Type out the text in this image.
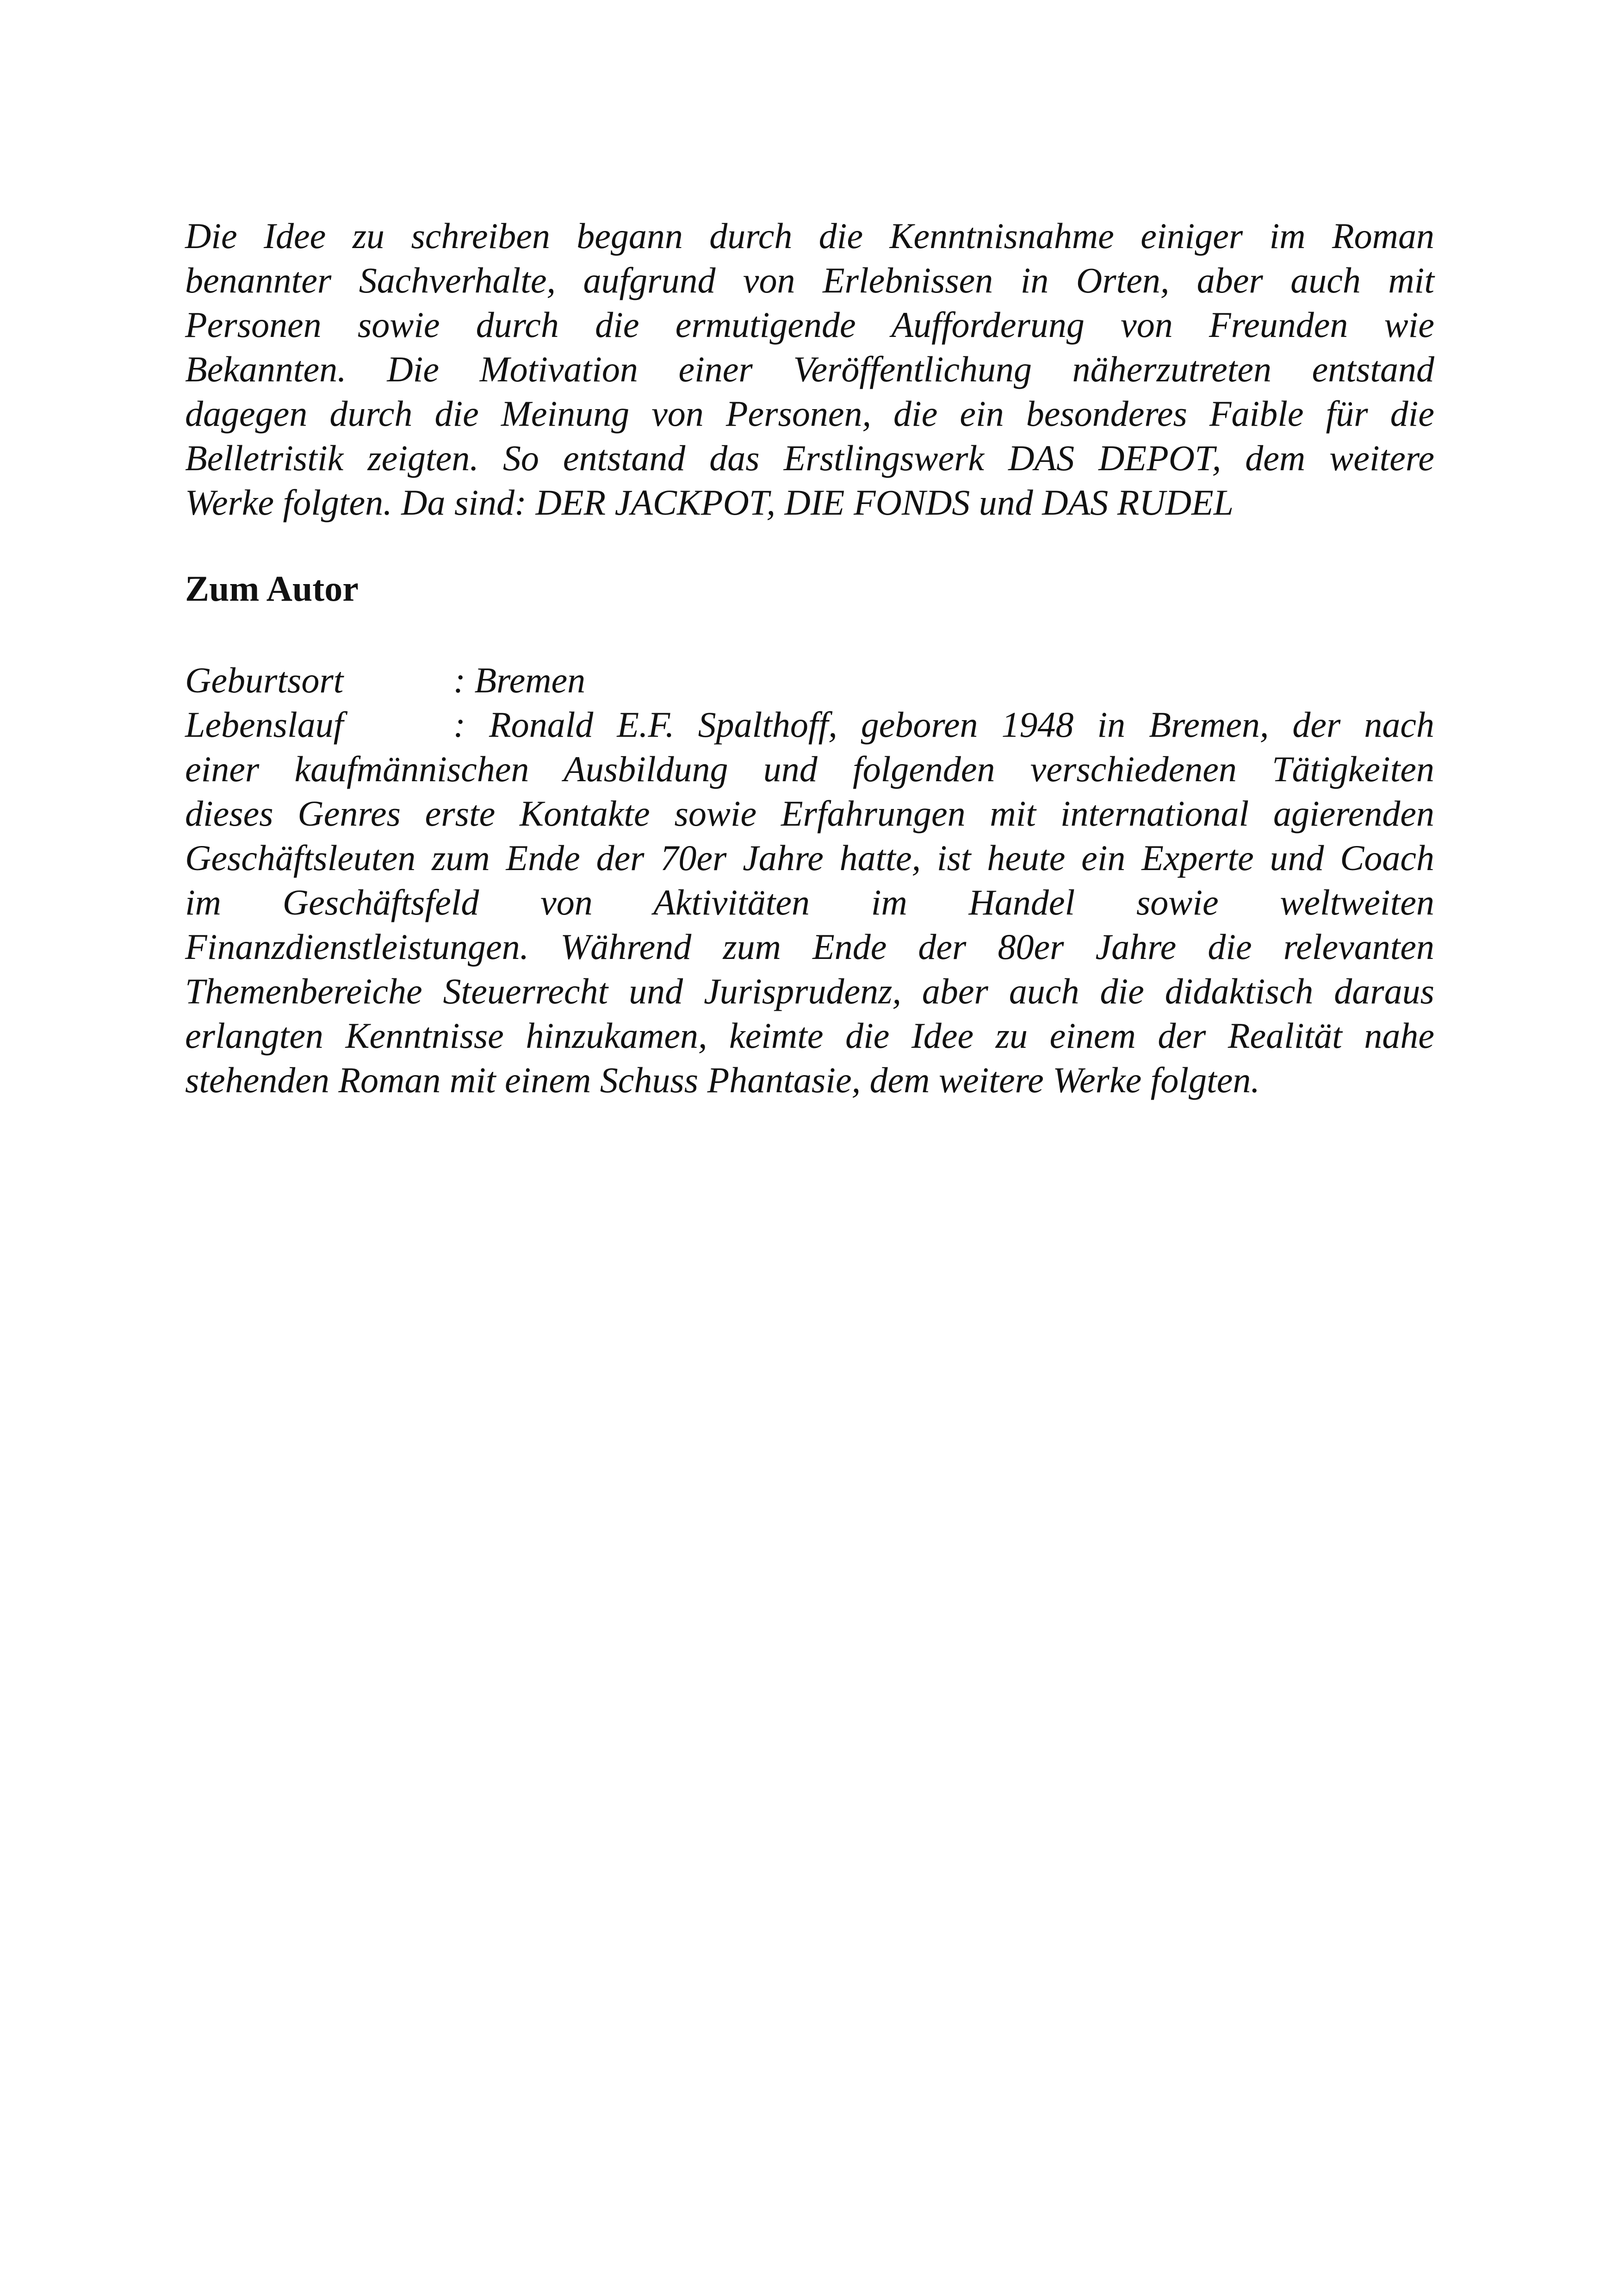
Die Idee zu schreiben begann durch die Kenntnisnahme einiger im Roman
benannter Sachverhalte, aufgrund von Erlebnissen in Orten, aber auch mit
Personen sowie durch die ermutigende Aufforderung von Freunden wie
Bekannten. Die Motivation einer Veröffentlichung näherzutreten entstand
dagegen durch die Meinung von Personen, die ein besonderes Faible für die
Belletristik zeigten. So entstand das Erstlingswerk DAS DEPOT, dem weitere
Werke folgten. Da sind: DER JACKPOT, DIE FONDS und DAS RUDEL
Zum Autor
Geburtsort	: Bremen
Lebenslauf	: Ronald E.F. Spalthoff, geboren 1948 in Bremen, der nach
einer kaufmännischen Ausbildung und folgenden verschiedenen Tätigkeiten
dieses Genres erste Kontakte sowie Erfahrungen mit international agierenden
Geschäftsleuten zum Ende der 70er Jahre hatte, ist heute ein Experte und Coach
im Geschäftsfeld von Aktivitäten im Handel sowie weltweiten
Finanzdienstleistungen. Während zum Ende der 80er Jahre die relevanten
Themenbereiche Steuerrecht und Jurisprudenz, aber auch die didaktisch daraus
erlangten Kenntnisse hinzukamen, keimte die Idee zu einem der Realität nahe
stehenden Roman mit einem Schuss Phantasie, dem weitere Werke folgten.
